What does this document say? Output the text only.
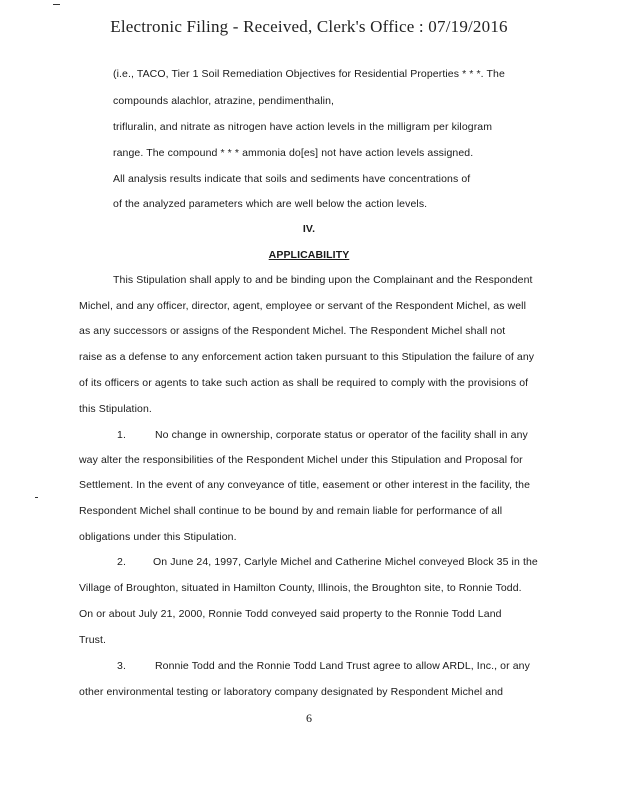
Electronic Filing - Received, Clerk's Office : 07/19/2016
(i.e., TACO, Tier 1 Soil Remediation Objectives for Residential Properties * * *. The
compounds alachlor, atrazine, pendimenthalin,
trifluralin, and nitrate as nitrogen have action levels in the milligram per kilogram
range. The compound * * * ammonia do[es] not have action levels assigned.
All analysis results indicate that soils and sediments have concentrations of
of the analyzed parameters which are well below the action levels.
IV.
APPLICABILITY
This Stipulation shall apply to and be binding upon the Complainant and the Respondent
Michel, and any officer, director, agent, employee or servant of the Respondent Michel, as well
as any successors or assigns of the Respondent Michel. The Respondent Michel shall not
raise as a defense to any enforcement action taken pursuant to this Stipulation the failure of any
of its officers or agents to take such action as shall be required to comply with the provisions of
this Stipulation.
1.	No change in ownership, corporate status or operator of the facility shall in any
way alter the responsibilities of the Respondent Michel under this Stipulation and Proposal for
Settlement. In the event of any conveyance of title, easement or other interest in the facility, the
Respondent Michel shall continue to be bound by and remain liable for performance of all
obligations under this Stipulation.
2.	On June 24, 1997, Carlyle Michel and Catherine Michel conveyed Block 35 in the
Village of Broughton, situated in Hamilton County, Illinois, the Broughton site, to Ronnie Todd.
On or about July 21, 2000, Ronnie Todd conveyed said property to the Ronnie Todd Land
Trust.
3.	Ronnie Todd and the Ronnie Todd Land Trust agree to allow ARDL, Inc., or any
other environmental testing or laboratory company designated by Respondent Michel and
6
